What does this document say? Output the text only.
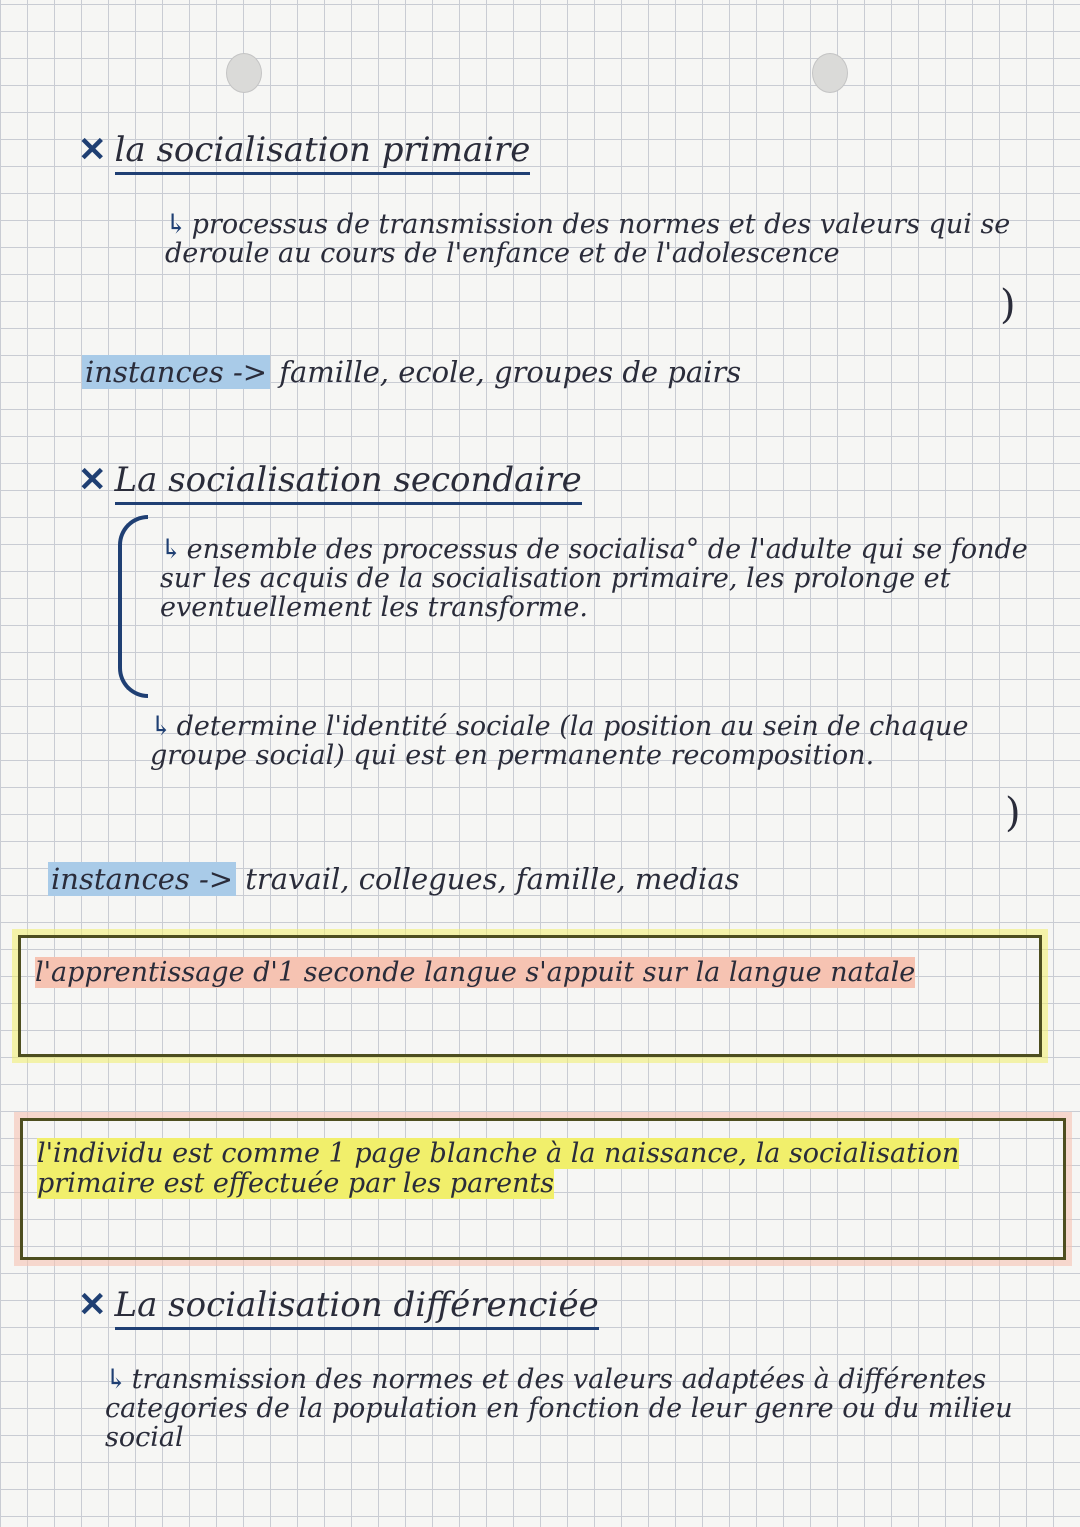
✕ la socialisation primaire
↳ processus de transmission des normes et des valeurs qui se deroule au cours de l'enfance et de l'adolescence
)
instances -> famille, ecole, groupes de pairs
✕ La socialisation secondaire
↳ ensemble des processus de socialisa° de l'adulte qui se fonde sur les acquis de la socialisation primaire, les prolonge et eventuellement les transforme.
↳ determine l'identité sociale (la position au sein de chaque groupe social) qui est en permanente recomposition.
)
instances -> travail, collegues, famille, medias
l'apprentissage d'1 seconde langue s'appuit sur la langue natale
l'individu est comme 1 page blanche à la naissance, la socialisation primaire est effectuée par les parents
✕ La socialisation différenciée
↳ transmission des normes et des valeurs adaptées à différentes categories de la population en fonction de leur genre ou du milieu social
